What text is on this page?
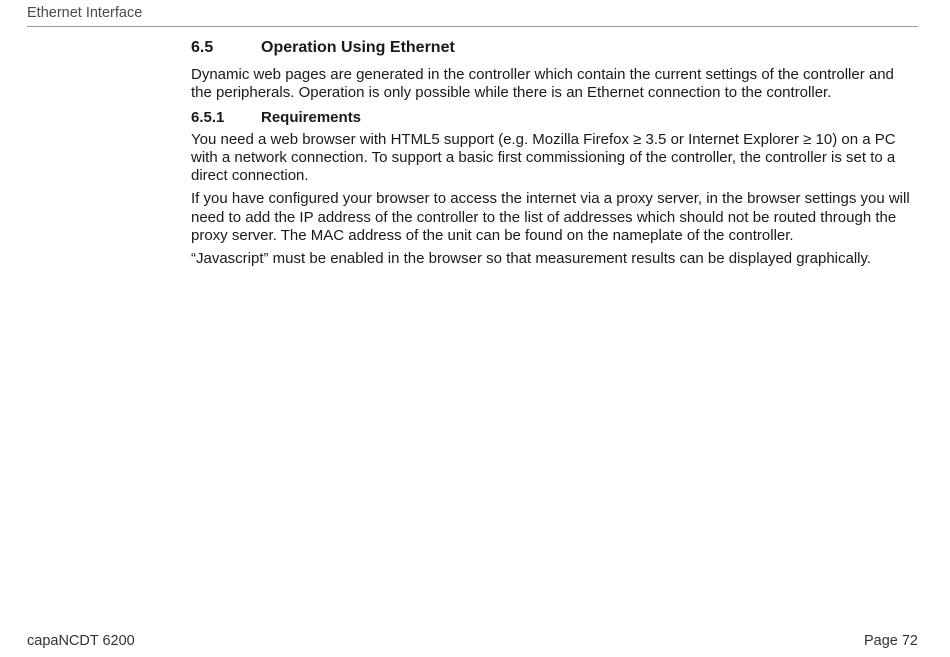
Ethernet Interface
6.5	Operation Using Ethernet

Dynamic web pages are generated in the controller which contain the current settings of the controller and the peripherals. Operation is only possible while there is an Ethernet connection to the controller.

6.5.1	Requirements

You need a web browser with HTML5 support (e.g. Mozilla Firefox ≥ 3.5 or Internet Explorer ≥ 10) on a PC with a network connection. To support a basic first commissioning of the controller, the controller is set to a direct connection.

If you have configured your browser to access the internet via a proxy server, in the browser settings you will need to add the IP address of the controller to the list of addresses which should not be routed through the proxy server. The MAC address of the unit can be found on the nameplate of the controller.

“Javascript” must be enabled in the browser so that measurement results can be displayed graphically.

capaNCDT 6200	Page 72
